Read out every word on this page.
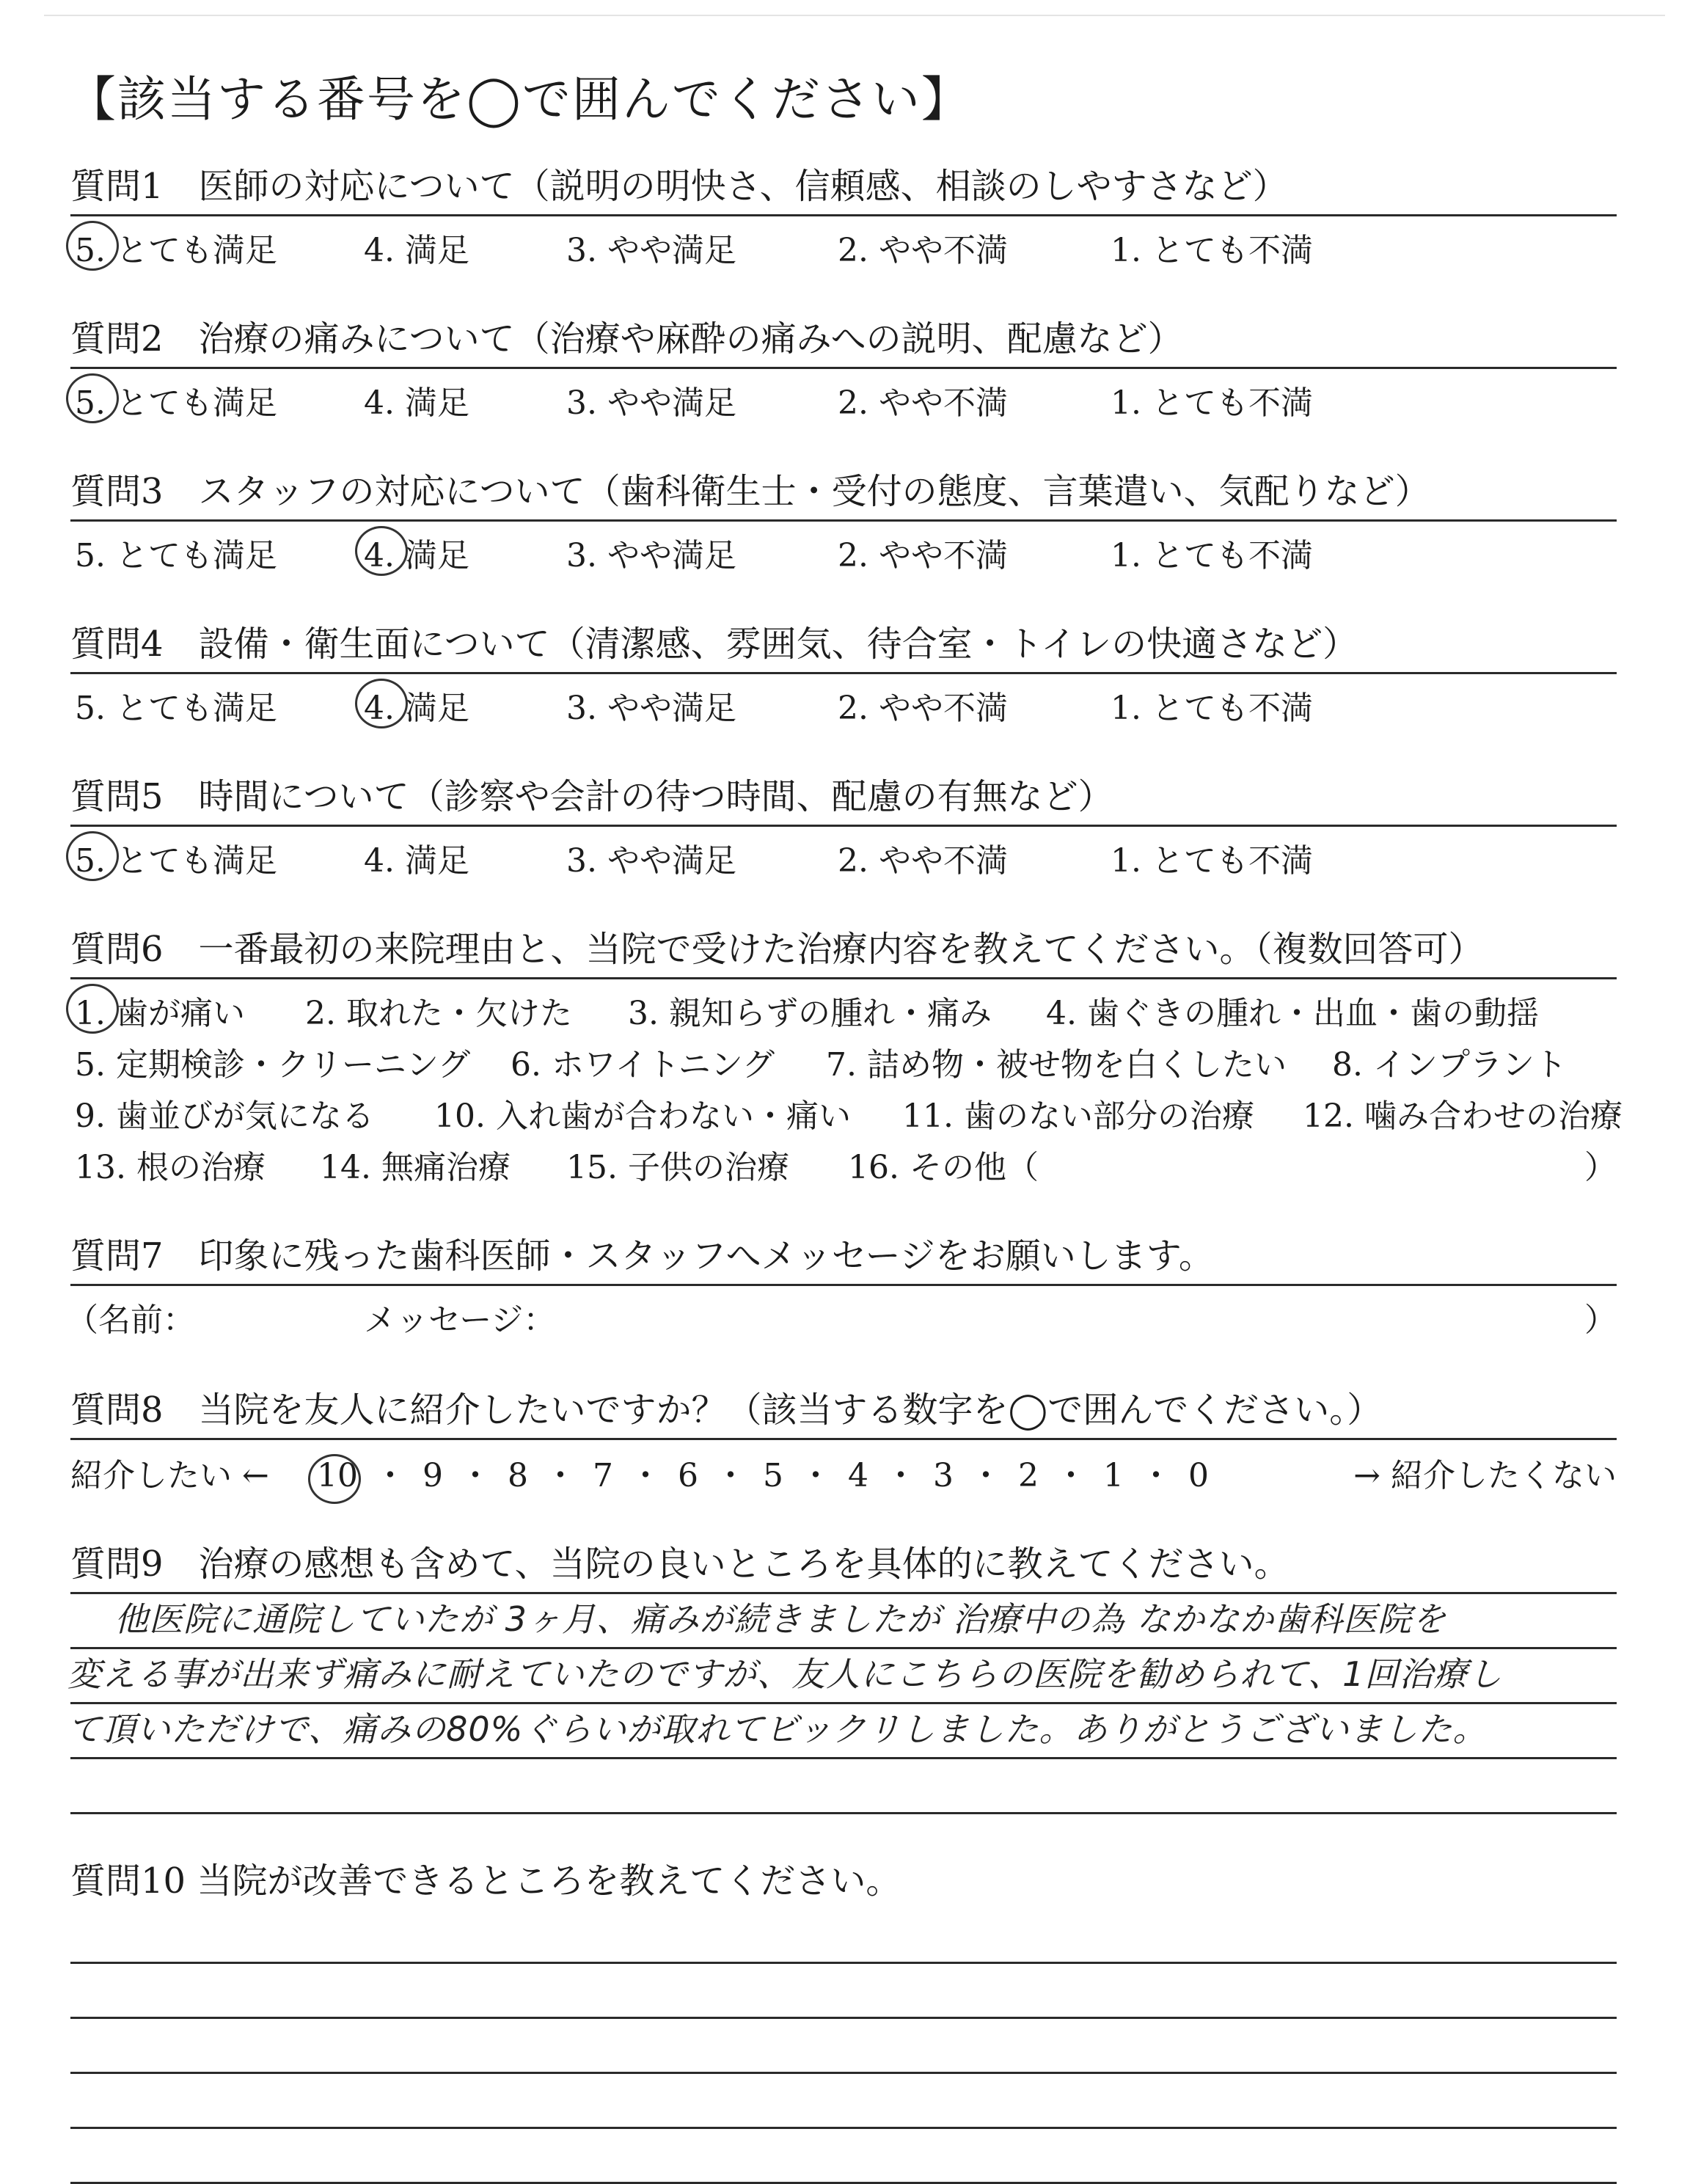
【該当する番号を◯で囲んでください】
質問1　医師の対応について（説明の明快さ、信頼感、相談のしやすさなど）
5. とても満足	4. 満足	3. やや満足	2. やや不満	1. とても不満
質問2　治療の痛みについて（治療や麻酔の痛みへの説明、配慮など）
5. とても満足	4. 満足	3. やや満足	2. やや不満	1. とても不満
質問3　スタッフの対応について（歯科衛生士・受付の態度、言葉遣い、気配りなど）
5. とても満足	4. 満足	3. やや満足	2. やや不満	1. とても不満
質問4　設備・衛生面について（清潔感、雰囲気、待合室・トイレの快適さなど）
5. とても満足	4. 満足	3. やや満足	2. やや不満	1. とても不満
質問5　時間について（診察や会計の待つ時間、配慮の有無など）
5. とても満足	4. 満足	3. やや満足	2. やや不満	1. とても不満
質問6　一番最初の来院理由と、当院で受けた治療内容を教えてください。（複数回答可）
1. 歯が痛い 2. 取れた・欠けた 3. 親知らずの腫れ・痛み 4. 歯ぐきの腫れ・出血・歯の動揺
5. 定期検診・クリーニング 6. ホワイトニング 7. 詰め物・被せ物を白くしたい 8. インプラント
9. 歯並びが気になる 10. 入れ歯が合わない・痛い 11. 歯のない部分の治療 12. 噛み合わせの治療
13. 根の治療 14. 無痛治療 15. 子供の治療 16. その他（	）
質問7　印象に残った歯科医師・スタッフへメッセージをお願いします。
（名前：	メッセージ：	）
質問8　当院を友人に紹介したいですか？（該当する数字を◯で囲んでください。）
紹介したい ← 10 ・ 9 ・ 8 ・ 7 ・ 6 ・ 5 ・ 4 ・ 3 ・ 2 ・ 1 ・ 0	→ 紹介したくない
質問9　治療の感想も含めて、当院の良いところを具体的に教えてください。
他医院に通院していたが 3ヶ月、痛みが続きましたが 治療中の為 なかなか歯科医院を
変える事が出来ず痛みに耐えていたのですが、友人にこちらの医院を勧められて、1回治療し
て頂いただけで、痛みの80%ぐらいが取れてビックリしました。ありがとうございました。
質問10 当院が改善できるところを教えてください。
